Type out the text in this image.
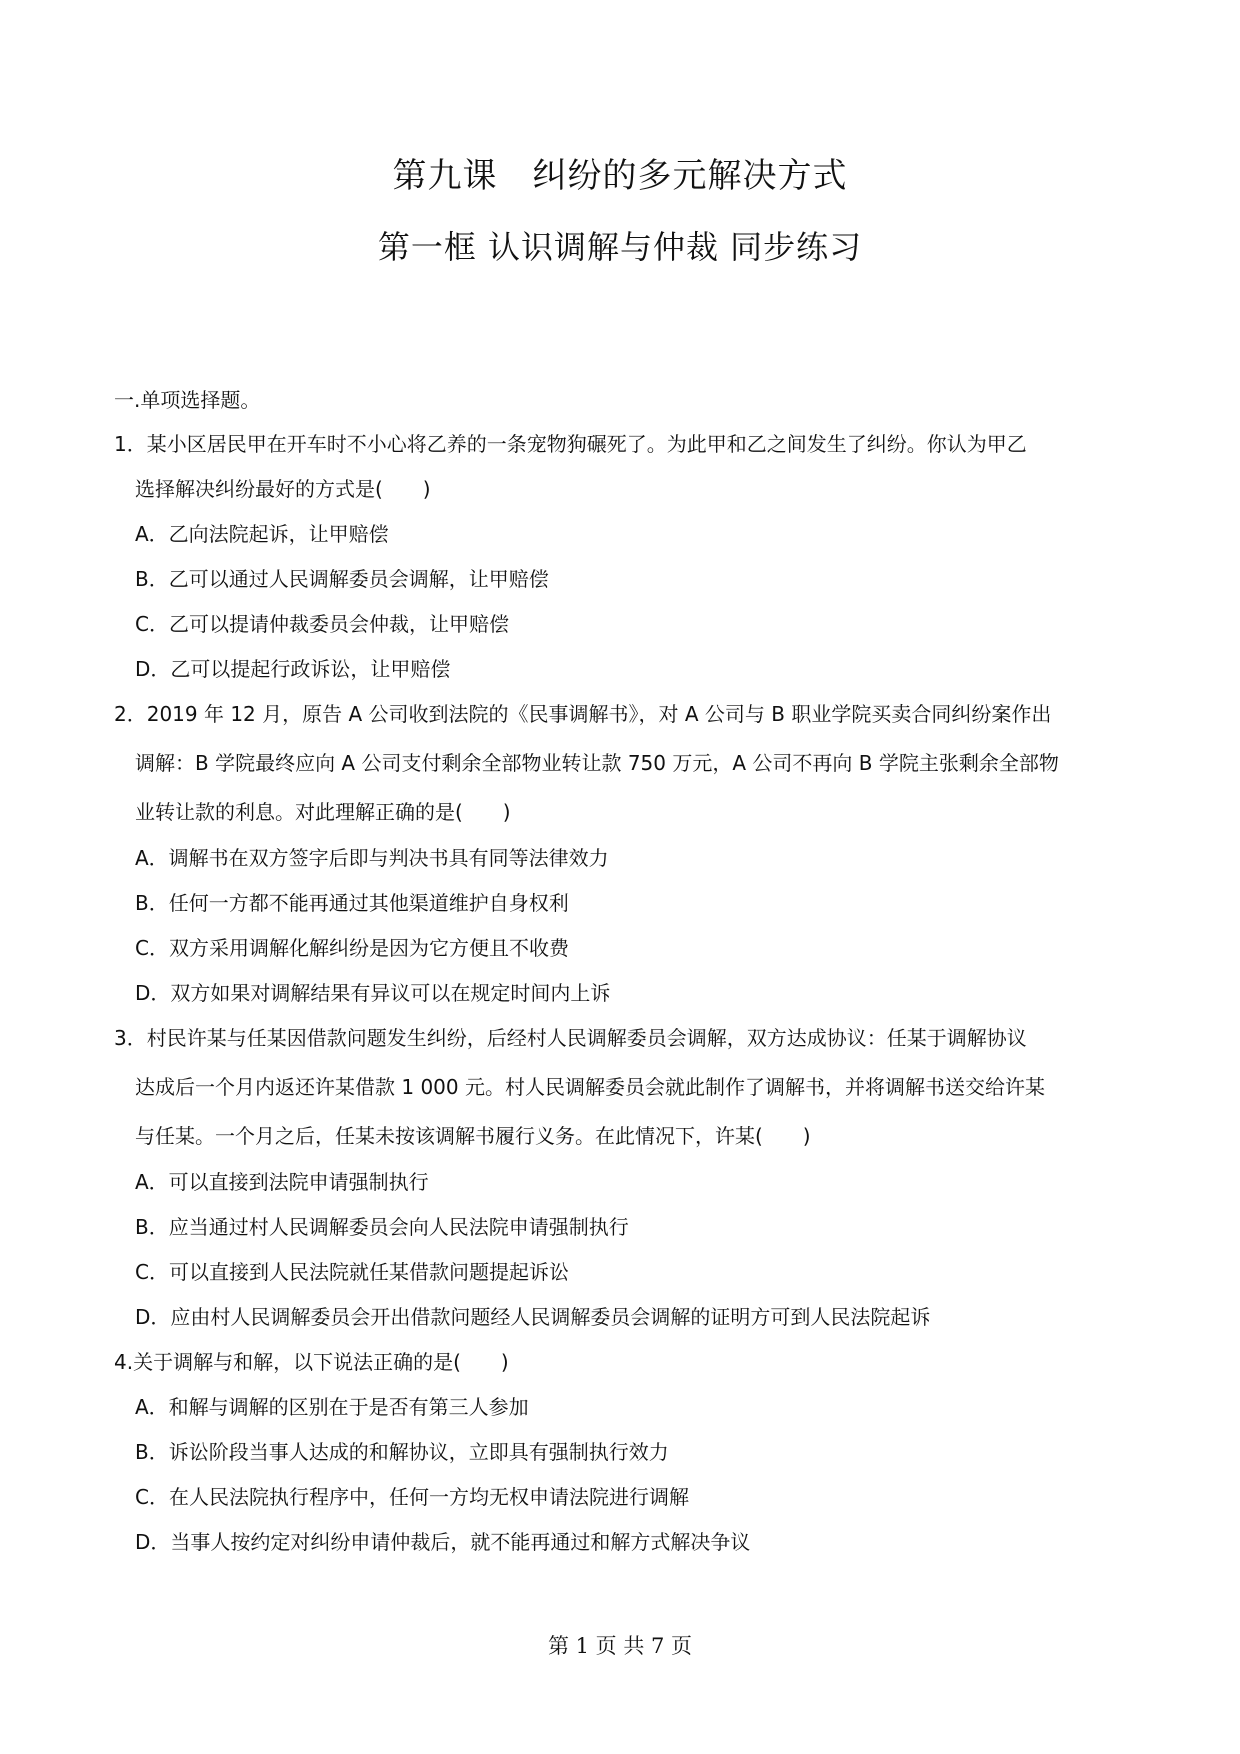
第九课　纠纷的多元解决方式
第一框 认识调解与仲裁 同步练习
一.单项选择题。
1．某小区居民甲在开车时不小心将乙养的一条宠物狗碾死了。为此甲和乙之间发生了纠纷。你认为甲乙
选择解决纠纷最好的方式是(　　)
A．乙向法院起诉，让甲赔偿
B．乙可以通过人民调解委员会调解，让甲赔偿
C．乙可以提请仲裁委员会仲裁，让甲赔偿
D．乙可以提起行政诉讼，让甲赔偿
2．2019 年 12 月，原告 A 公司收到法院的《民事调解书》，对 A 公司与 B 职业学院买卖合同纠纷案作出
调解：B 学院最终应向 A 公司支付剩余全部物业转让款 750 万元，A 公司不再向 B 学院主张剩余全部物
业转让款的利息。对此理解正确的是(　　)
A．调解书在双方签字后即与判决书具有同等法律效力
B．任何一方都不能再通过其他渠道维护自身权利
C．双方采用调解化解纠纷是因为它方便且不收费
D．双方如果对调解结果有异议可以在规定时间内上诉
3．村民许某与任某因借款问题发生纠纷，后经村人民调解委员会调解，双方达成协议：任某于调解协议
达成后一个月内返还许某借款 1 000 元。村人民调解委员会就此制作了调解书，并将调解书送交给许某
与任某。一个月之后，任某未按该调解书履行义务。在此情况下，许某(　　)
A．可以直接到法院申请强制执行
B．应当通过村人民调解委员会向人民法院申请强制执行
C．可以直接到人民法院就任某借款问题提起诉讼
D．应由村人民调解委员会开出借款问题经人民调解委员会调解的证明方可到人民法院起诉
4.关于调解与和解，以下说法正确的是(　　)
A．和解与调解的区别在于是否有第三人参加
B．诉讼阶段当事人达成的和解协议，立即具有强制执行效力
C．在人民法院执行程序中，任何一方均无权申请法院进行调解
D．当事人按约定对纠纷申请仲裁后，就不能再通过和解方式解决争议
第 1 页 共 7 页
